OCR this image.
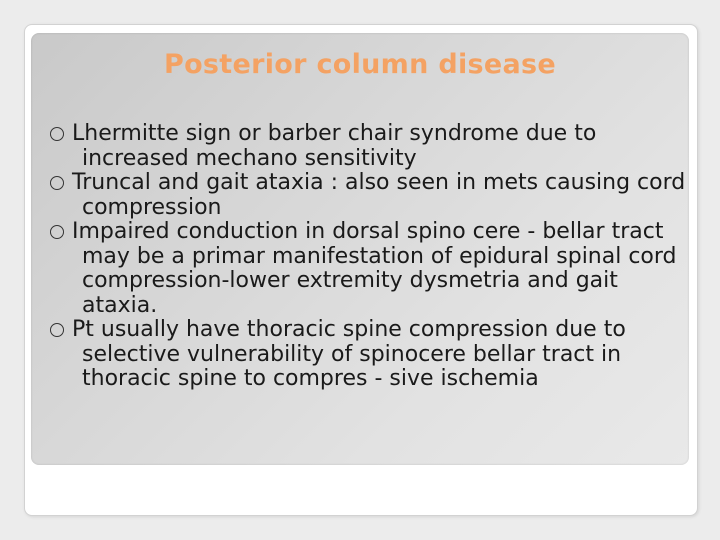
Posterior column disease
Lhermitte sign or barber chair syndrome due to increased mechano sensitivity
Truncal and gait ataxia : also seen in mets causing cord compression
Impaired conduction in dorsal spino cere - bellar tract may be a primar manifestation of epidural spinal cord compression-lower extremity dysmetria and gait ataxia.
Pt usually have thoracic spine compression due to selective vulnerability of spinocere bellar tract in thoracic spine to compres - sive ischemia
